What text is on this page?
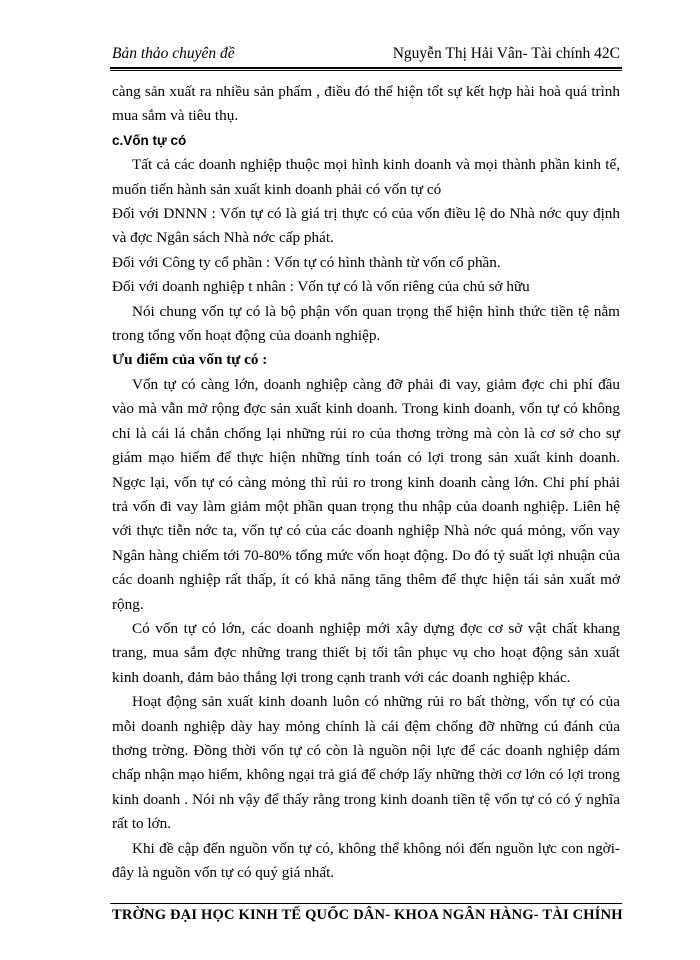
Bản thảo chuyên đề	Nguyễn Thị Hải Vân- Tài chính 42C

càng sản xuất ra nhiều sản phẩm , điều đó thể hiện tốt sự kết hợp hài hoà quá trình mua sắm và tiêu thụ.

c.Vốn tự có

Tất cả các doanh nghiệp thuộc mọi hình kinh doanh và mọi thành phần kinh tế, muốn tiến hành sản xuất kinh doanh phải có vốn tự có

Đối với DNNN : Vốn tự có là giá trị thực có của vốn điều lệ do Nhà nớc quy định và đợc Ngân sách Nhà nớc cấp phát.

Đối với Công ty cổ phần : Vốn tự có hình thành từ vốn cổ phần.

Đối với doanh nghiệp t nhân : Vốn tự có là vốn riêng của chủ sở hữu

Nói chung vốn tự có là bộ phận vốn quan trọng thể hiện hình thức tiền tệ nằm trong tổng vốn hoạt động của doanh nghiệp.

Ưu điểm của vốn tự có :

Vốn tự có càng lớn, doanh nghiệp càng đỡ phải đi vay, giảm đợc chi phí đầu vào mà vẫn mở rộng đợc sản xuất kinh doanh. Trong kinh doanh, vốn tự có không chỉ là cái lá chắn chống lại những rủi ro của thơng trờng mà còn là cơ sở cho sự giám mạo hiểm để thực hiện những tính toán có lợi trong sản xuất kinh doanh. Ngợc lại, vốn tự có càng mỏng thì rủi ro trong kinh doanh càng lớn. Chi phí phải trả vốn đi vay làm giảm một phần quan trọng thu nhập của doanh nghiệp. Liên hệ với thực tiễn nớc ta, vốn tự có của các doanh nghiệp Nhà nớc quá mỏng, vốn vay Ngân hàng chiếm tới 70-80% tổng mức vốn hoạt động. Do đó tỷ suất lợi nhuận của các doanh nghiệp rất thấp, ít có khả năng tăng thêm để thực hiện tái sản xuất mở rộng.

Có vốn tự có lớn, các doanh nghiệp mới xây dựng đợc cơ sở vật chất khang trang, mua sắm đợc những trang thiết bị tối tân phục vụ cho hoạt động sản xuất kinh doanh, đảm bảo thắng lợi trong cạnh tranh với các doanh nghiệp khác.

Hoạt động sản xuất kinh doanh luôn có những rủi ro bất thờng, vốn tự có của mỗi doanh nghiệp dày hay mỏng chính là cái đệm chống đỡ những cú đánh của thơng trờng. Đồng thời vốn tự có còn là nguồn nội lực để các doanh nghiệp dám chấp nhận mạo hiểm, không ngại trả giá để chớp lấy những thời cơ lớn có lợi trong kinh doanh . Nói nh vậy để thấy rằng trong kinh doanh tiền tệ vốn tự có có ý nghĩa rất to lớn.

Khi đề cập đến nguồn vốn tự có, không thể không nói đến nguồn lực con ngời- đây là nguồn vốn tự có quý giá nhất.

TRỜNG ĐẠI HỌC KINH TẾ QUỐC DÂN- KHOA NGÂN HÀNG- TÀI CHÍNH
